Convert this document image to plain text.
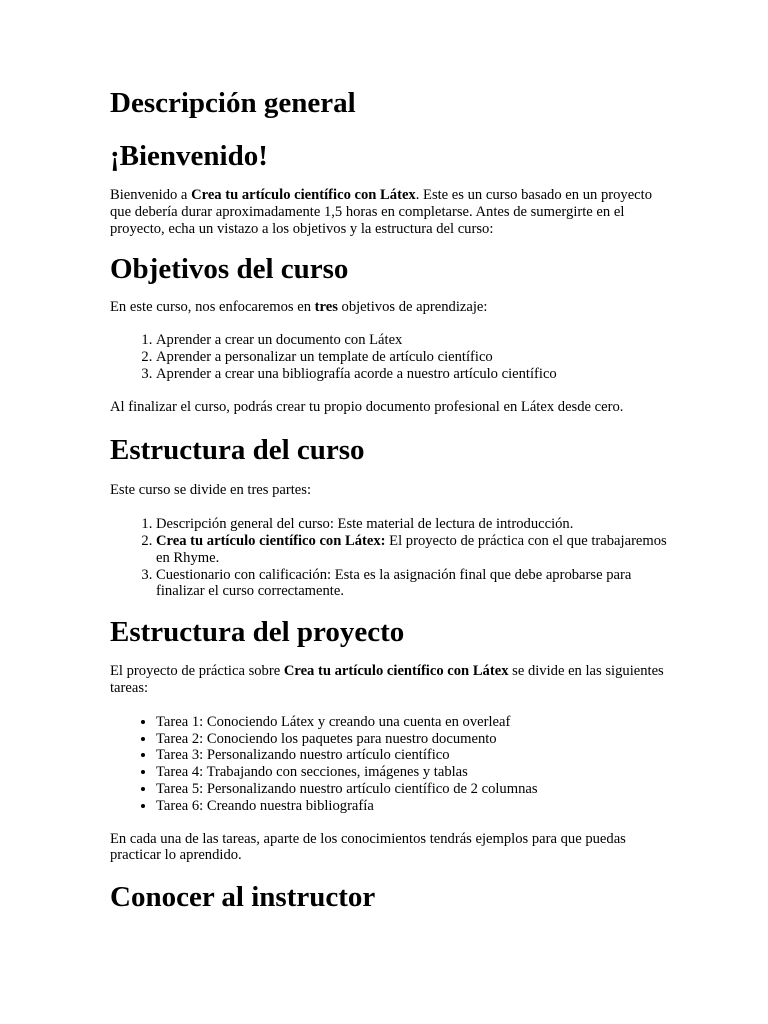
Descripción general
¡Bienvenido!

Bienvenido a Crea tu artículo científico con Látex. Este es un curso basado en un proyecto que debería durar aproximadamente 1,5 horas en completarse. Antes de sumergirte en el proyecto, echa un vistazo a los objetivos y la estructura del curso:

Objetivos del curso

En este curso, nos enfocaremos en tres objetivos de aprendizaje:

1. Aprender a crear un documento con Látex
2. Aprender a personalizar un template de artículo científico
3. Aprender a crear una bibliografía acorde a nuestro artículo científico

Al finalizar el curso, podrás crear tu propio documento profesional en Látex desde cero.

Estructura del curso

Este curso se divide en tres partes:

1. Descripción general del curso: Este material de lectura de introducción.
2. Crea tu artículo científico con Látex: El proyecto de práctica con el que trabajaremos en Rhyme.
3. Cuestionario con calificación: Esta es la asignación final que debe aprobarse para finalizar el curso correctamente.
Estructura del proyecto

El proyecto de práctica sobre Crea tu artículo científico con Látex se divide en las siguientes tareas:

• Tarea 1: Conociendo Látex y creando una cuenta en overleaf
• Tarea 2: Conociendo los paquetes para nuestro documento
• Tarea 3: Personalizando nuestro artículo científico
• Tarea 4: Trabajando con secciones, imágenes y tablas
• Tarea 5: Personalizando nuestro artículo científico de 2 columnas
• Tarea 6: Creando nuestra bibliografía

En cada una de las tareas, aparte de los conocimientos tendrás ejemplos para que puedas practicar lo aprendido.

Conocer al instructor
